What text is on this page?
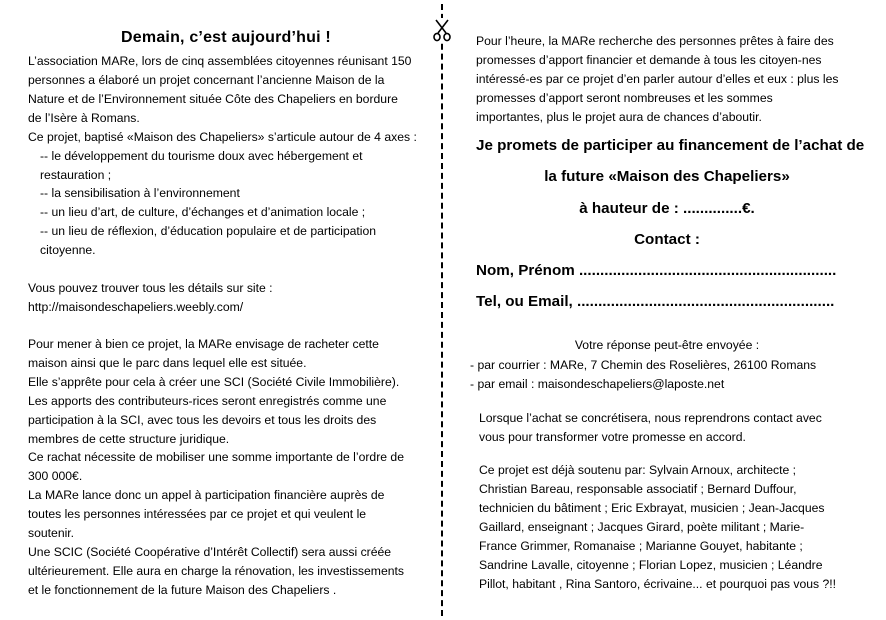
Demain, c’est aujourd’hui !
L’association MARe, lors de cinq assemblées citoyennes réunisant 150
personnes a élaboré un projet concernant l’ancienne Maison de la
Nature et de l’Environnement située Côte des Chapeliers en bordure
de l’Isère à Romans.
Ce projet, baptisé «Maison des Chapeliers» s’articule autour de 4 axes :
-- le développement du tourisme doux avec hébergement et
restauration ;
-- la sensibilisation à l’environnement
-- un lieu d’art, de culture, d’échanges et d’animation locale ;
-- un lieu de réflexion, d’éducation populaire et de participation
citoyenne.
Vous pouvez trouver tous les détails sur site :
http://maisondeschapeliers.weebly.com/
Pour mener à bien ce projet, la MARe envisage de racheter cette
maison ainsi que le parc dans lequel elle est située.
Elle s’apprête pour cela à créer une SCI (Société Civile Immobilière).
Les apports des contributeurs-rices seront enregistrés comme une
participation à la SCI, avec tous les devoirs et tous les droits des
membres de cette structure juridique.
Ce rachat nécessite de mobiliser une somme importante de l’ordre de
300 000€.
La MARe lance donc un appel à participation financière auprès de
toutes les personnes intéressées par ce projet et qui veulent le
soutenir.
Une SCIC (Société Coopérative d’Intérêt Collectif) sera aussi créée
ultérieurement. Elle aura en charge la rénovation, les investissements
et le fonctionnement de la future Maison des Chapeliers .
Pour l’heure, la MARe recherche des personnes prêtes à faire des
promesses d’apport financier et demande à tous les citoyen-nes
intéressé-es par ce projet d’en parler autour d’elles et eux : plus les
promesses d’apport seront nombreuses et les sommes
importantes, plus le projet aura de chances d’aboutir.
Je promets de participer au financement de l’achat de
la future «Maison des Chapeliers»
à hauteur de : ..............€.
Contact :
Nom, Prénom .............................................................
Tel, ou Email, .............................................................
Votre réponse peut-être envoyée :
- par courrier : MARe, 7 Chemin des Roselières, 26100 Romans
- par email : maisondeschapeliers@laposte.net
Lorsque l’achat se concrétisera, nous reprendrons contact avec
vous pour transformer votre promesse en accord.
Ce projet est déjà soutenu par: Sylvain Arnoux, architecte ;
Christian Bareau, responsable associatif ; Bernard Duffour,
technicien du bâtiment ; Eric Exbrayat, musicien ; Jean-Jacques
Gaillard, enseignant ; Jacques Girard, poète militant ; Marie-
France Grimmer, Romanaise ; Marianne Gouyet, habitante ;
Sandrine Lavalle, citoyenne ; Florian Lopez, musicien ; Léandre
Pillot, habitant , Rina Santoro, écrivaine... et pourquoi pas vous ?!!
